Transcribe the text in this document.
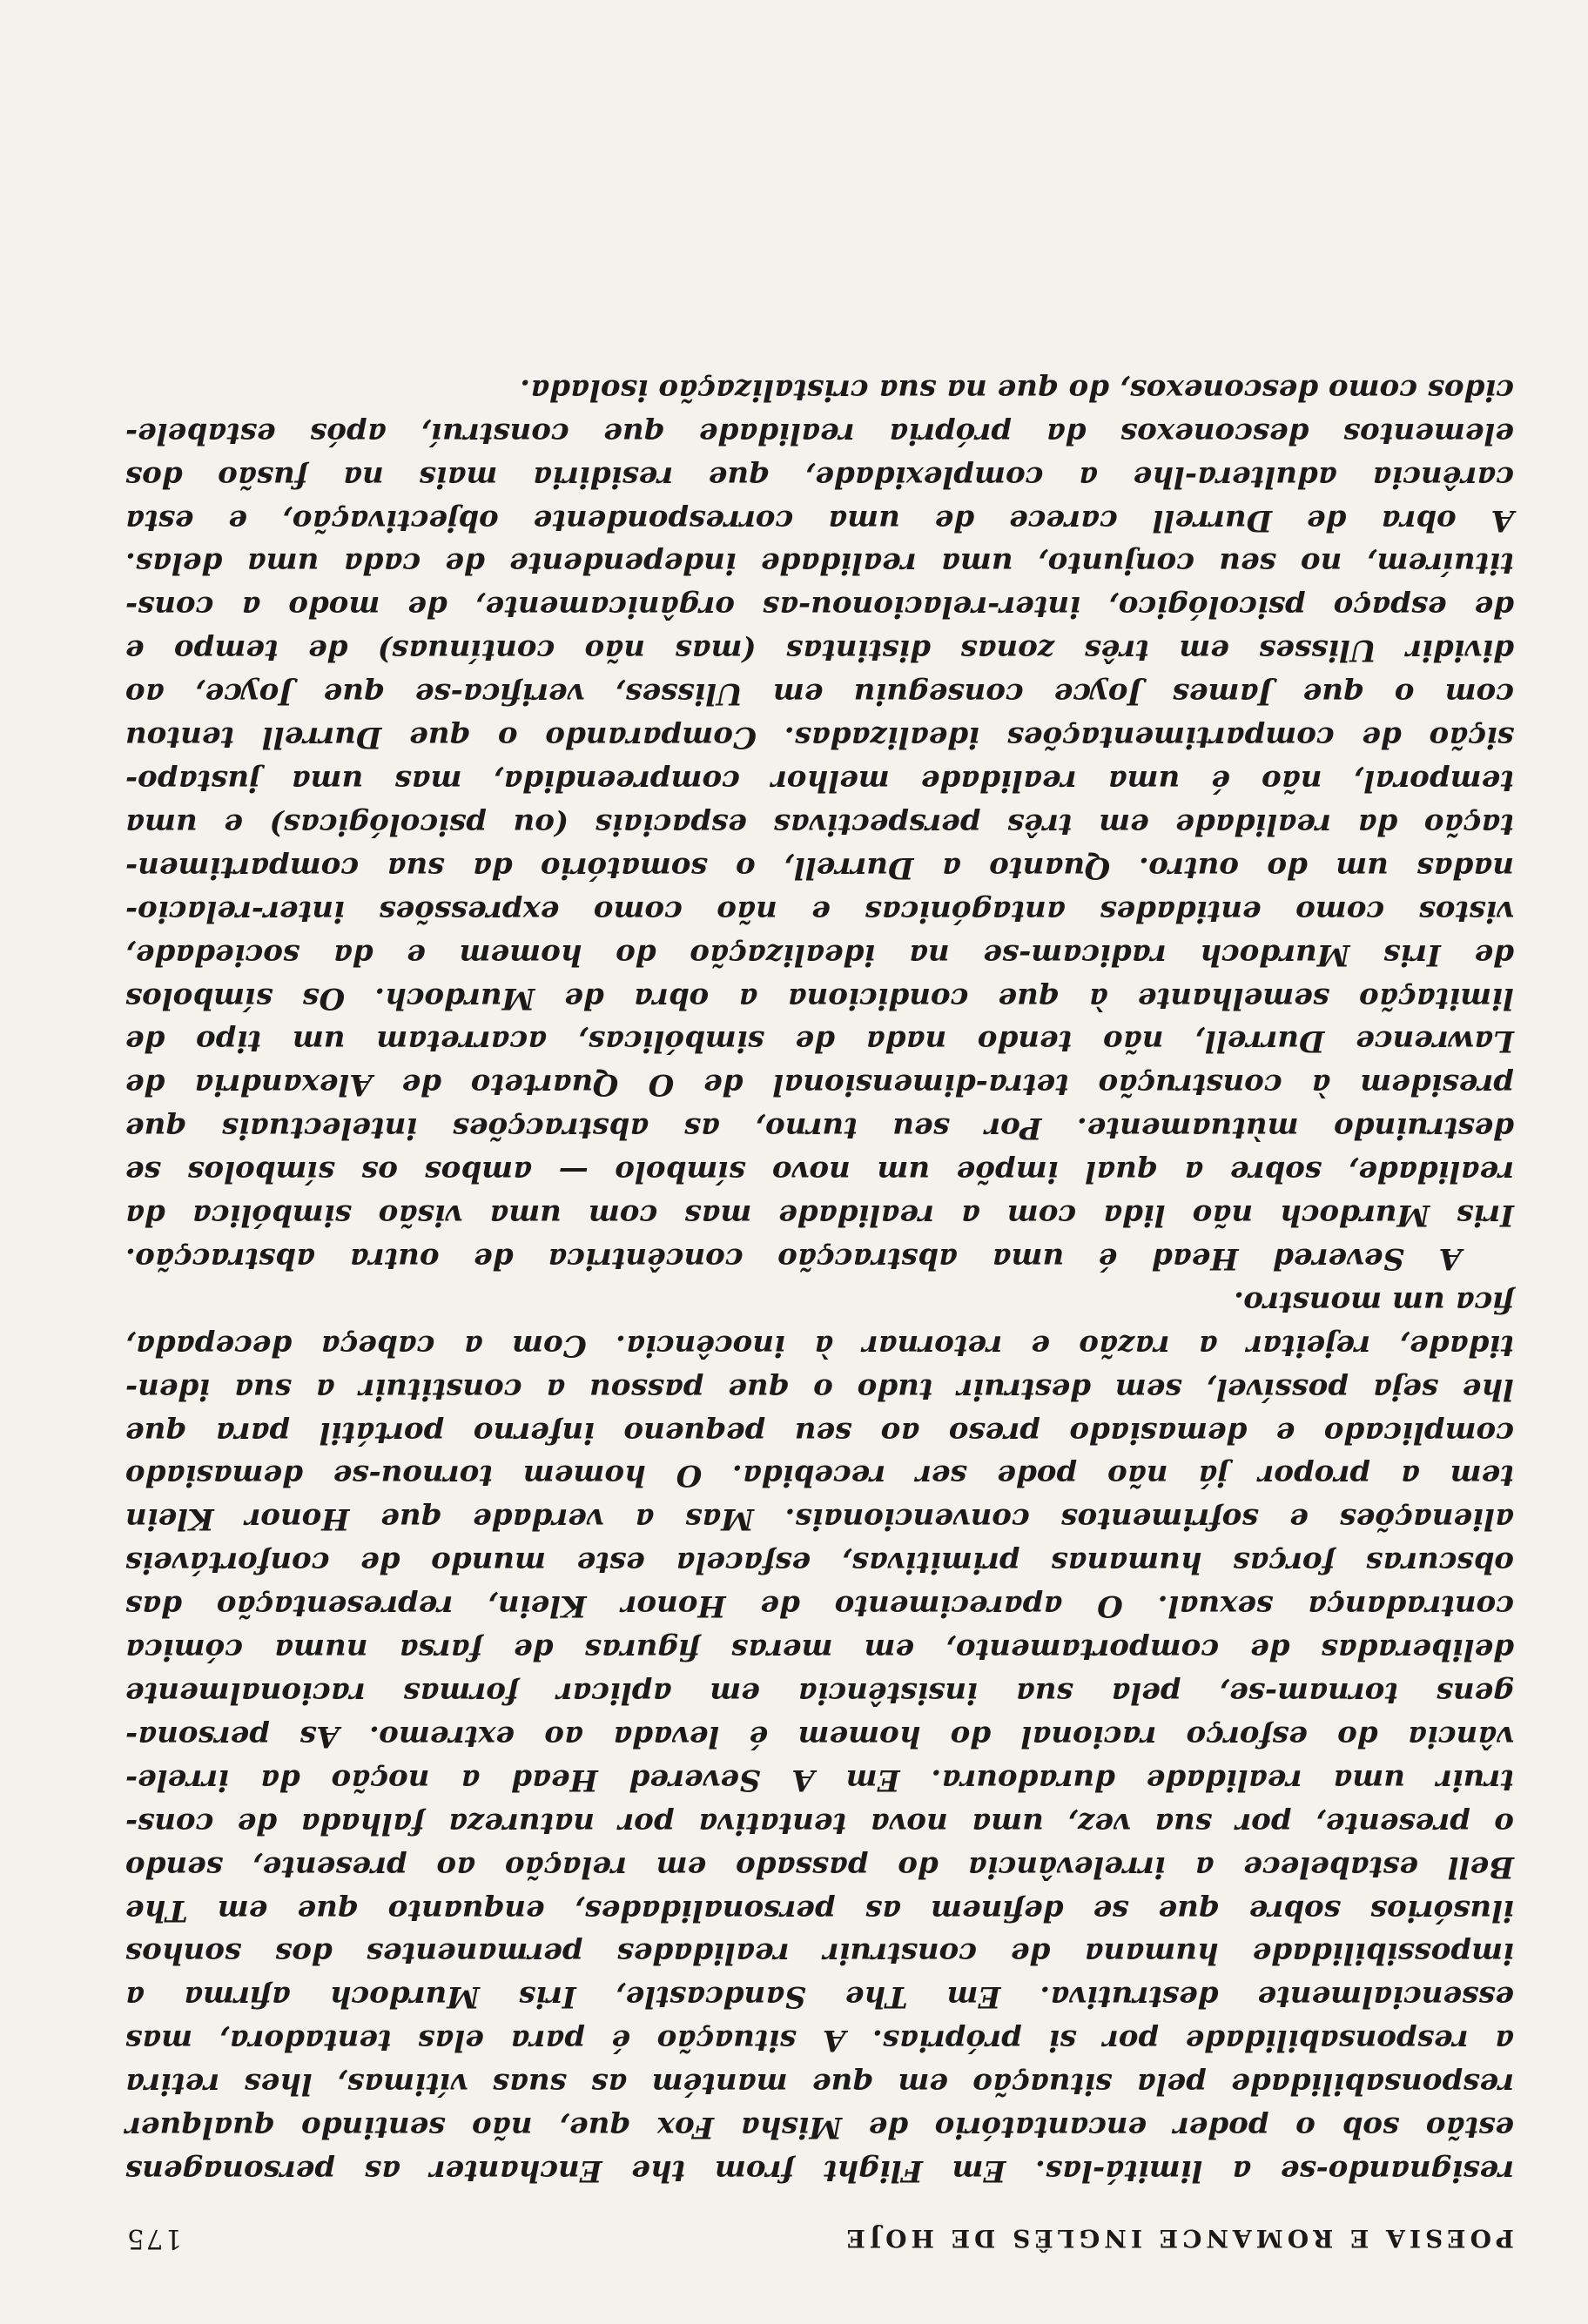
POESIA E ROMANCE INGLÊS DE HOJE
175

resignando-se a limitá-las. Em Flight from the Enchanter as personagens
estão sob o poder encantatório de Misha Fox que, não sentindo qualquer
responsabilidade pela situação em que mantém as suas vítimas, lhes retira
a responsabilidade por si próprias. A situação é para elas tentadora, mas
essencialmente destrutiva. Em The Sandcastle, Iris Murdoch afirma a
impossibilidade humana de construir realidades permanentes dos sonhos
ilusórios sobre que se definem as personalidades, enquanto que em The
Bell estabelece a irrelevância do passado em relação ao presente, sendo
o presente, por sua vez, uma nova tentativa por natureza falhada de cons-
truir uma realidade duradoura. Em A Severed Head a noção da irrele-
vância do esforço racional do homem é levada ao extremo. As persona-
gens tornam-se, pela sua insistência em aplicar formas racionalmente
deliberadas de comportamento, em meras figuras de farsa numa cómica
contradança sexual. O aparecimento de Honor Klein, representação das
obscuras forças humanas primitivas, esfacela este mundo de confortáveis
alienações e sofrimentos convencionais. Mas a verdade que Honor Klein
tem a propor já não pode ser recebida. O homem tornou-se demasiado
complicado e demasiado preso ao seu pequeno inferno portátil para que
lhe seja possível, sem destruir tudo o que passou a constituir a sua iden-
tidade, rejeitar a razão e retornar à inocência. Com a cabeça decepada,
fica um monstro.

A Severed Head é uma abstracção concêntrica de outra abstracção.
Iris Murdoch não lida com a realidade mas com uma visão simbólica da
realidade, sobre a qual impõe um novo símbolo — ambos os símbolos se
destruindo mùtuamente. Por seu turno, as abstracções intelectuais que
presidem à construção tetra-dimensional de O Quarteto de Alexandria de
Lawrence Durrell, não tendo nada de simbólicas, acarretam um tipo de
limitação semelhante à que condiciona a obra de Murdoch. Os símbolos
de Iris Murdoch radicam-se na idealização do homem e da sociedade,
vistos como entidades antagónicas e não como expressões inter-relacio-
nadas um do outro. Quanto a Durrell, o somatório da sua compartimen-
tação da realidade em três perspectivas espaciais (ou psicológicas) e uma
temporal, não é uma realidade melhor compreendida, mas uma justapo-
sição de compartimentações idealizadas. Comparando o que Durrell tentou
com o que James Joyce conseguiu em Ulisses, verifica-se que Joyce, ao
dividir Ulisses em três zonas distintas (mas não contínuas) de tempo e
de espaço psicológico, inter-relacionou-as orgânicamente, de modo a cons-
tituírem, no seu conjunto, uma realidade independente de cada uma delas.
A obra de Durrell carece de uma correspondente objectivação, e esta
carência adultera-lhe a complexidade, que residiria mais na fusão dos
elementos desconexos da própria realidade que construí, após estabele-
cidos como desconexos, do que na sua cristalização isolada.
